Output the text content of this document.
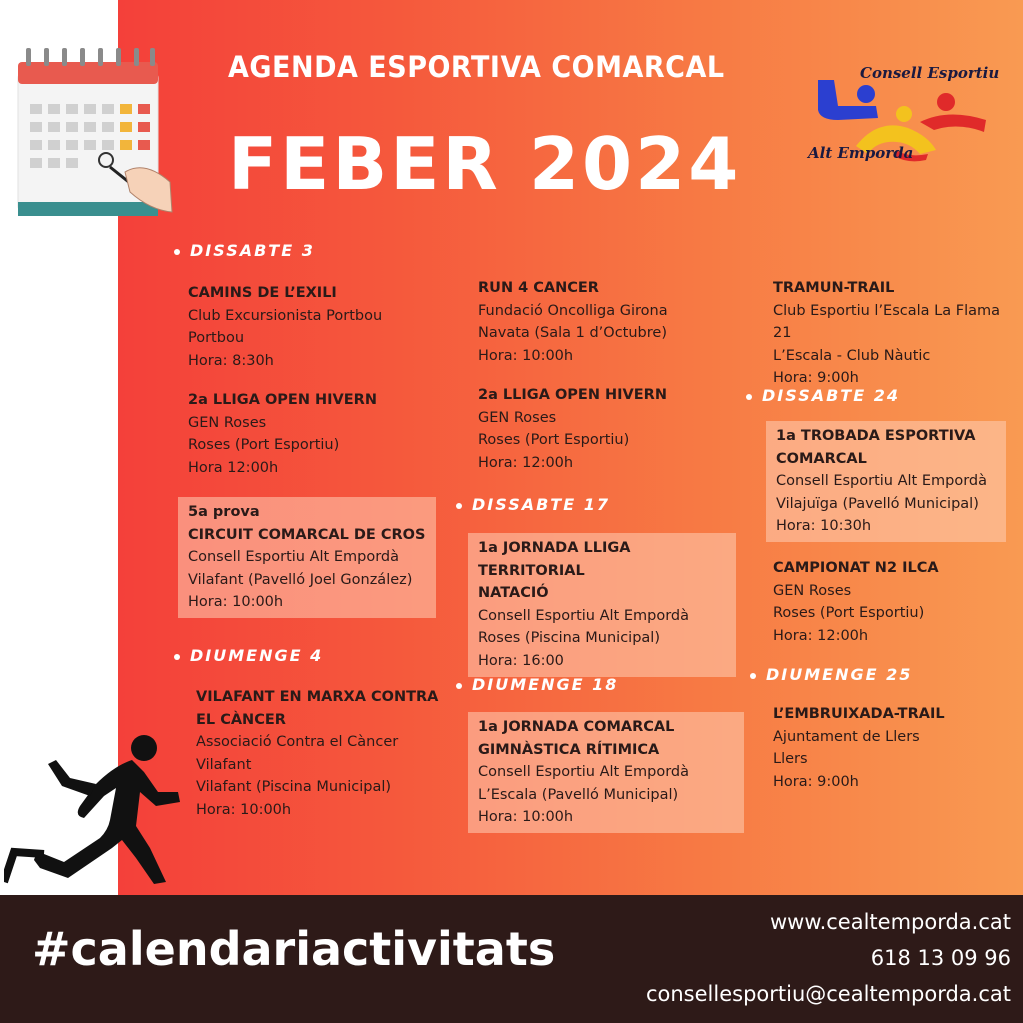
AGENDA ESPORTIVA COMARCAL
FEBER 2024
Consell Esportiu
Alt Emporda
DISSABTE 3
CAMINS DE L’EXILI
Club Excursionista Portbou
Portbou
Hora: 8:30h
2a LLIGA OPEN HIVERN
GEN Roses
Roses (Port Esportiu)
Hora 12:00h
5a prova
CIRCUIT COMARCAL DE CROS
Consell Esportiu Alt Empordà
Vilafant (Pavelló Joel González)
Hora: 10:00h
DIUMENGE 4
VILAFANT EN MARXA CONTRA
EL CÀNCER
Associació Contra el Càncer
Vilafant
Vilafant (Piscina Municipal)
Hora: 10:00h
RUN 4 CANCER
Fundació Oncolliga Girona
Navata (Sala 1 d’Octubre)
Hora: 10:00h
2a LLIGA OPEN HIVERN
GEN Roses
Roses (Port Esportiu)
Hora: 12:00h
DISSABTE 17
1a JORNADA LLIGA TERRITORIAL
NATACIÓ
Consell Esportiu Alt Empordà
Roses (Piscina Municipal)
Hora: 16:00
DIUMENGE 18
1a JORNADA COMARCAL
GIMNÀSTICA RÍTIMICA
Consell Esportiu Alt Empordà
L’Escala (Pavelló Municipal)
Hora: 10:00h
TRAMUN-TRAIL
Club Esportiu l’Escala La Flama 21
L’Escala - Club Nàutic
Hora: 9:00h
DISSABTE 24
1a TROBADA ESPORTIVA
COMARCAL
Consell Esportiu Alt Empordà
Vilajuïga (Pavelló Municipal)
Hora: 10:30h
CAMPIONAT N2 ILCA
GEN Roses
Roses (Port Esportiu)
Hora: 12:00h
DIUMENGE 25
L’EMBRUIXADA-TRAIL
Ajuntament de Llers
Llers
Hora: 9:00h
#calendariactivitats	www.cealtemporda.cat
618 13 09 96
consellesportiu@cealtemporda.cat
